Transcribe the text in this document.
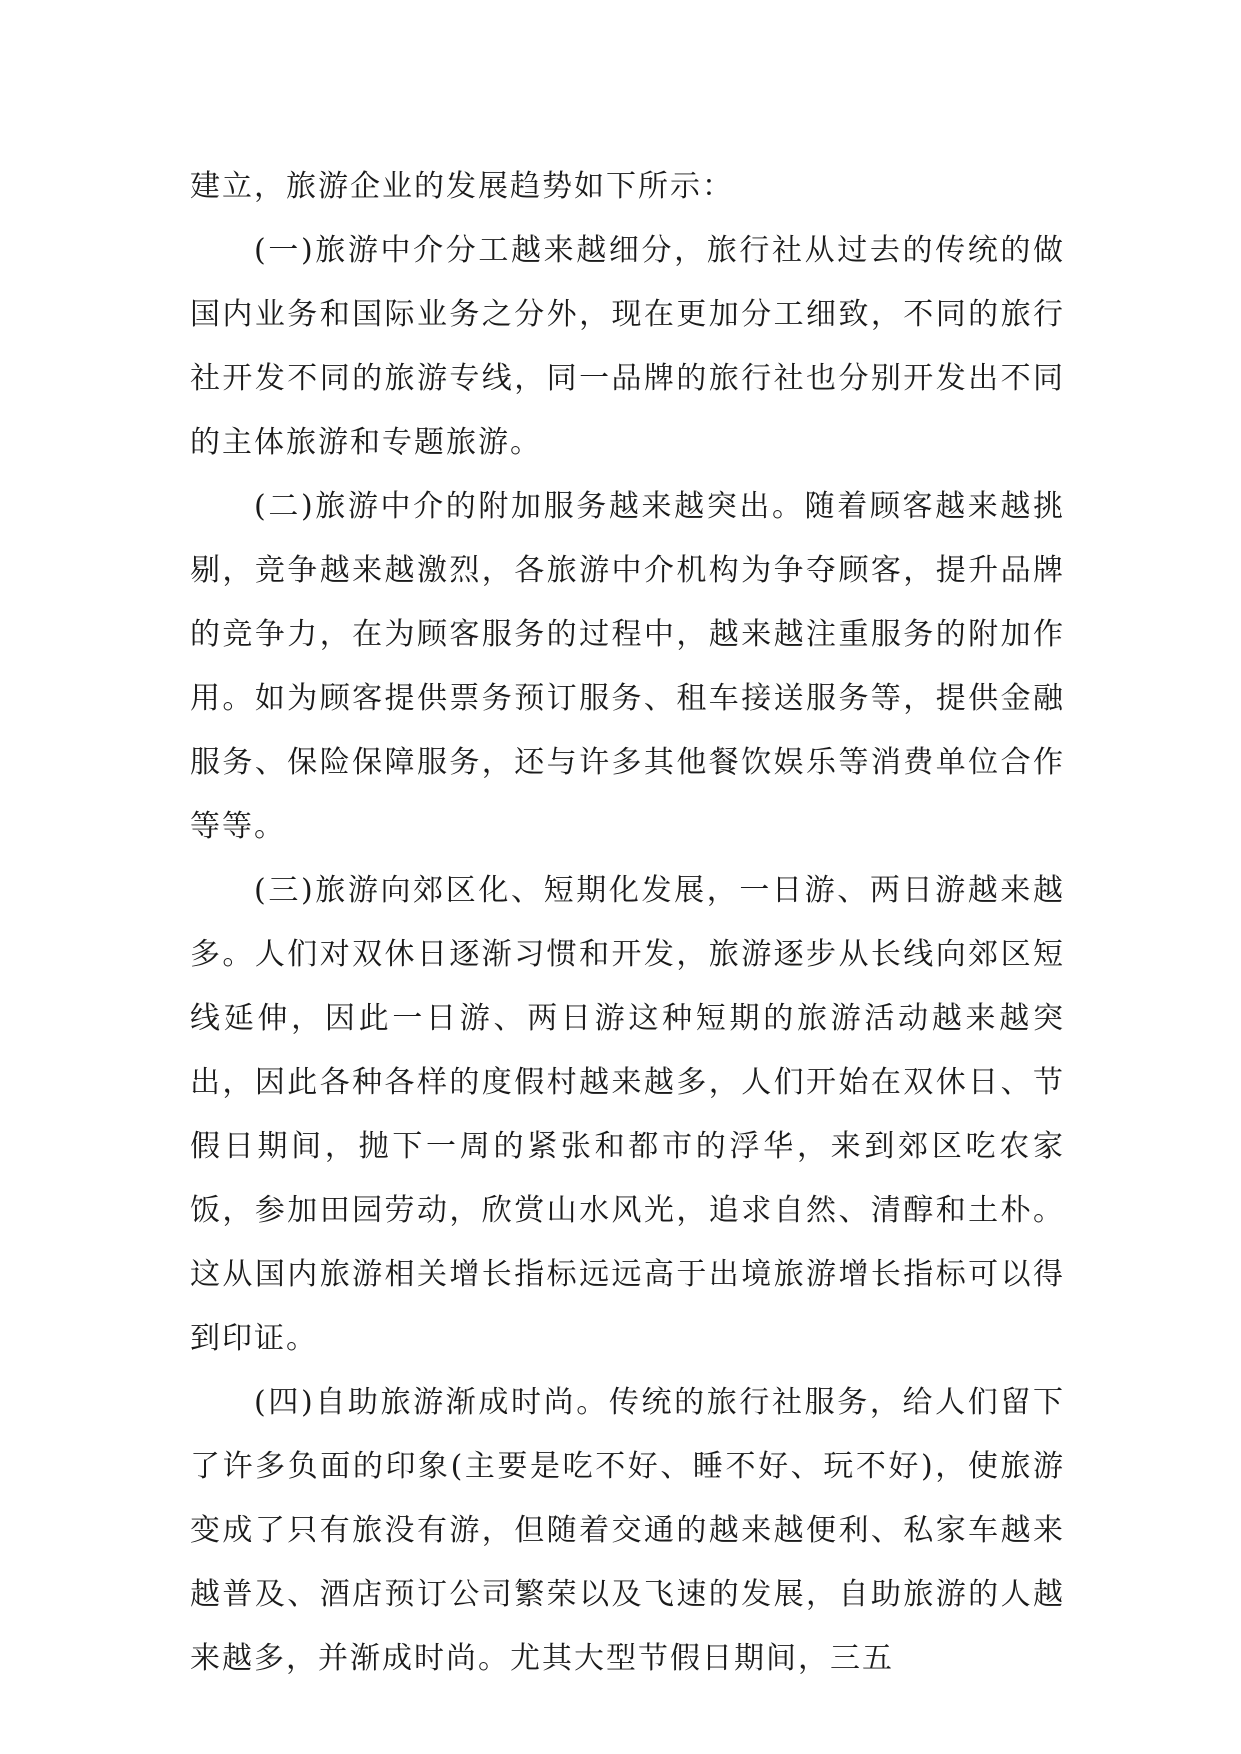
建立，旅游企业的发展趋势如下所示：

(一)旅游中介分工越来越细分，旅行社从过去的传统的做国内业务和国际业务之分外，现在更加分工细致，不同的旅行社开发不同的旅游专线，同一品牌的旅行社也分别开发出不同的主体旅游和专题旅游。

(二)旅游中介的附加服务越来越突出。随着顾客越来越挑剔，竞争越来越激烈，各旅游中介机构为争夺顾客，提升品牌的竞争力，在为顾客服务的过程中，越来越注重服务的附加作用。如为顾客提供票务预订服务、租车接送服务等，提供金融服务、保险保障服务，还与许多其他餐饮娱乐等消费单位合作等等。

(三)旅游向郊区化、短期化发展，一日游、两日游越来越多。人们对双休日逐渐习惯和开发，旅游逐步从长线向郊区短线延伸，因此一日游、两日游这种短期的旅游活动越来越突出，因此各种各样的度假村越来越多，人们开始在双休日、节假日期间，抛下一周的紧张和都市的浮华，来到郊区吃农家饭，参加田园劳动，欣赏山水风光，追求自然、清醇和土朴。这从国内旅游相关增长指标远远高于出境旅游增长指标可以得到印证。

(四)自助旅游渐成时尚。传统的旅行社服务，给人们留下了许多负面的印象(主要是吃不好、睡不好、玩不好)，使旅游变成了只有旅没有游，但随着交通的越来越便利、私家车越来越普及、酒店预订公司繁荣以及飞速的发展，自助旅游的人越来越多，并渐成时尚。尤其大型节假日期间，三五
